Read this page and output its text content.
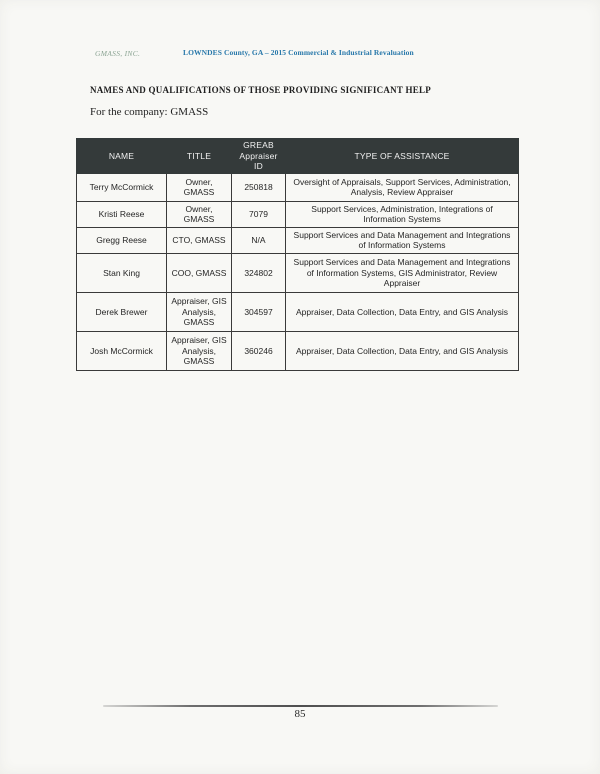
GMASS, INC.	LOWNDES County, GA – 2015 Commercial & Industrial Revaluation
NAMES AND QUALIFICATIONS OF THOSE PROVIDING SIGNIFICANT HELP

For the company: GMASS

NAME	TITLE	GREAB Appraiser ID	TYPE OF ASSISTANCE
Terry McCormick	Owner, GMASS	250818	Oversight of Appraisals, Support Services, Administration, Analysis, Review Appraiser
Kristi Reese	Owner, GMASS	7079	Support Services, Administration, Integrations of Information Systems
Gregg Reese	CTO, GMASS	N/A	Support Services and Data Management and Integrations of Information Systems
Stan King	COO, GMASS	324802	Support Services and Data Management and Integrations of Information Systems, GIS Administrator, Review Appraiser
Derek Brewer	Appraiser, GIS Analysis, GMASS	304597	Appraiser, Data Collection, Data Entry, and GIS Analysis
Josh McCormick	Appraiser, GIS Analysis, GMASS	360246	Appraiser, Data Collection, Data Entry, and GIS Analysis
85
